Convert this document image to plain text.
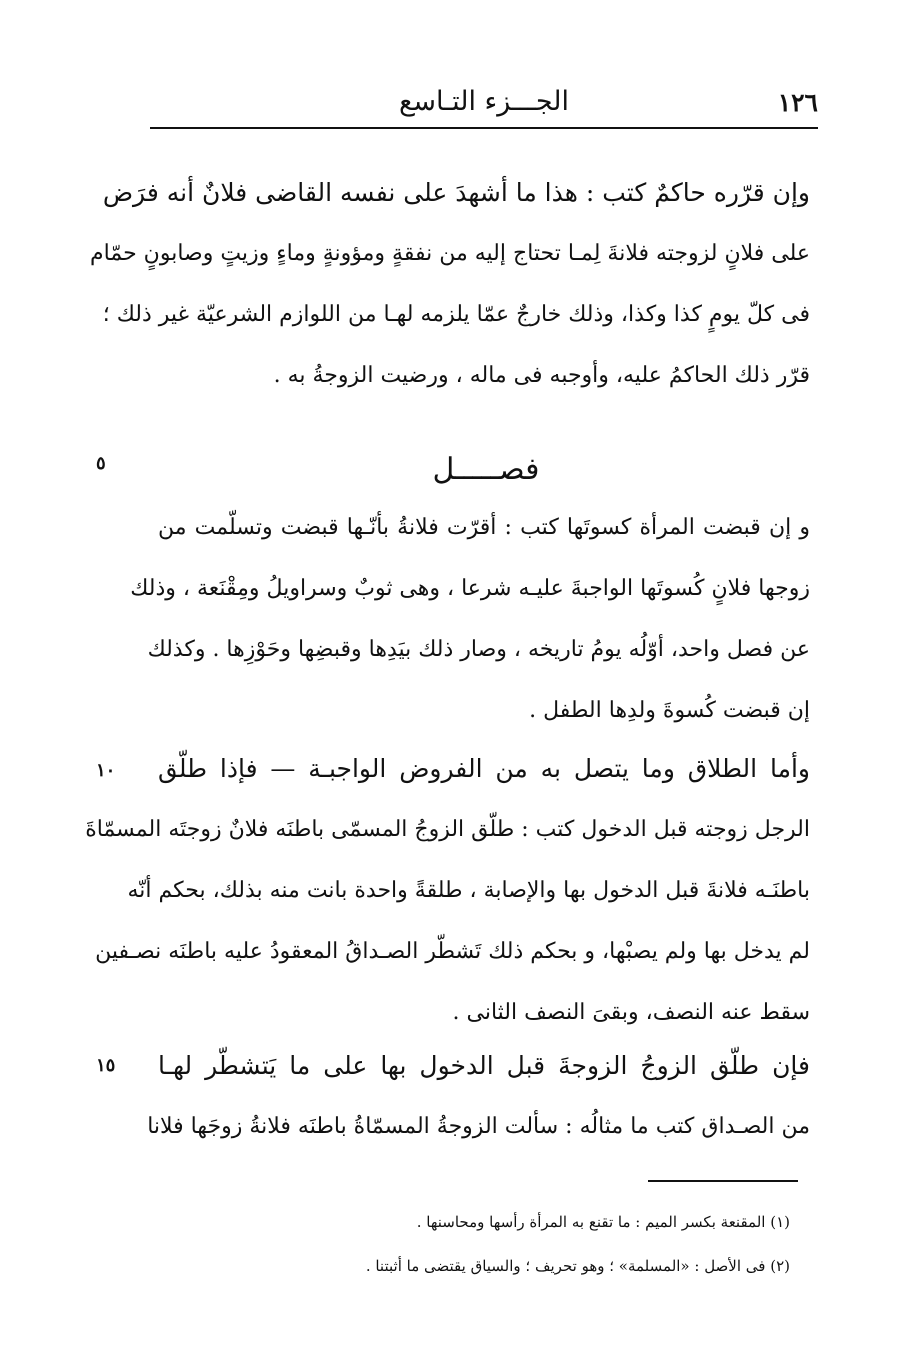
١٢٦
الجـــزء التـاسع
وإن قرّره حاكمٌ كتب : هذا ما أشهدَ على نفسه القاضى فلانٌ أنه فرَض
على فلانٍ لزوجته فلانةَ لِمـا تحتاج إليه من نفقةٍ ومؤونةٍ وماءٍ وزيتٍ وصابونٍ حمّام
فى كلّ يومٍ كذا وكذا، وذلك خارجٌ عمّا يلزمه لهـا من اللوازم الشرعيّة غير ذلك ؛
قرّر ذلك الحاكمُ عليه، وأوجبه فى ماله ، ورضيت الزوجةُ به .
فصـــــل
٥
و إن قبضت المرأة كسوتَها كتب : أقرّت فلانةُ بأنّـها قبضت وتسلّمت من
زوجها فلانٍ كُسوتَها الواجبةَ عليـه شرعا ، وهى ثوبٌ وسراويلُ ومِقْنَعة ، وذلك
عن فصل واحد، أوّلُه يومُ تاريخه ، وصار ذلك بيَدِها وقبضِها وحَوْزِها . وكذلك
إن قبضت كُسوةَ ولدِها الطفل .
١٠ وأما الطلاق وما يتصل به من الفروض الواجبـة — فإذا طلّق
الرجل زوجته قبل الدخول كتب : طلّق الزوجُ المسمّى باطنَه فلانٌ زوجتَه المسمّاةَ
باطنَـه فلانةَ قبل الدخول بها والإصابة ، طلقةً واحدة بانت منه بذلك، بحكم أنّه
لم يدخل بها ولم يصبْها، و بحكم ذلك تَشطّر الصـداقُ المعقودُ عليه باطنَه نصـفين
سقط عنه النصف، وبقىَ النصف الثانى .
١٥ فإن طلّق الزوجُ الزوجةَ قبل الدخول بها على ما يَتشطّر لهـا
من الصـداق كتب ما مثالُه : سألت الزوجةُ المسمّاةُ باطنَه فلانةُ زوجَها فلانا
(١) المقنعة بكسر الميم : ما تقنع به المرأة رأسها ومحاسنها .
(٢) فى الأصل : «المسلمة» ؛ وهو تحريف ؛ والسياق يقتضى ما أثبتنا .
